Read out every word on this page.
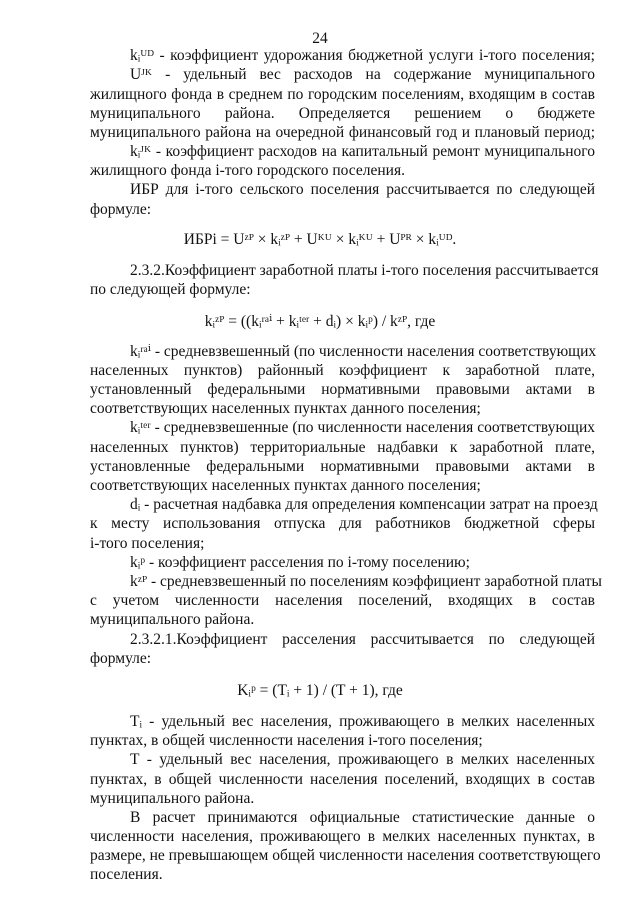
24
kᵢᵁᴰ - коэффициент удорожания бюджетной услуги i-того поселения;
Uᴶᴷ - удельный вес расходов на содержание муниципального
жилищного фонда в среднем по городским поселениям, входящим в состав
муниципального района. Определяется решением о бюджете
муниципального района на очередной финансовый год и плановый период;
kᵢᴶᴷ - коэффициент расходов на капитальный ремонт муниципального
жилищного фонда i-того городского поселения.
ИБР для i-того сельского поселения рассчитывается по следующей
формуле:
ИБРi = Uᶻᴾ × kᵢᶻᴾ + Uᴷᵁ × kᵢᴷᵁ + Uᴾᴿ × kᵢᵁᴰ.
2.3.2.Коэффициент заработной платы i-того поселения рассчитывается
по следующей формуле:
kᵢᶻᴾ = ((kᵢʳᵃⁱ + kᵢᵗᵉʳ + dᵢ) × kᵢᵖ) / kᶻᴾ, где
kᵢʳᵃⁱ - средневзвешенный (по численности населения соответствующих
населенных пунктов) районный коэффициент к заработной плате,
установленный федеральными нормативными правовыми актами в
соответствующих населенных пунктах данного поселения;
kᵢᵗᵉʳ - средневзвешенные (по численности населения соответствующих
населенных пунктов) территориальные надбавки к заработной плате,
установленные федеральными нормативными правовыми актами в
соответствующих населенных пунктах данного поселения;
dᵢ - расчетная надбавка для определения компенсации затрат на проезд
к месту использования отпуска для работников бюджетной сферы
i-того поселения;
kᵢᵖ - коэффициент расселения по i-тому поселению;
kᶻᴾ - средневзвешенный по поселениям коэффициент заработной платы
с учетом численности населения поселений, входящих в состав
муниципального района.
2.3.2.1.Коэффициент расселения рассчитывается по следующей
формуле:
Kᵢᵖ = (Tᵢ + 1) / (T + 1), где
Tᵢ - удельный вес населения, проживающего в мелких населенных
пунктах, в общей численности населения i-того поселения;
T - удельный вес населения, проживающего в мелких населенных
пунктах, в общей численности населения поселений, входящих в состав
муниципального района.
В расчет принимаются официальные статистические данные о
численности населения, проживающего в мелких населенных пунктах, в
размере, не превышающем общей численности населения соответствующего
поселения.
